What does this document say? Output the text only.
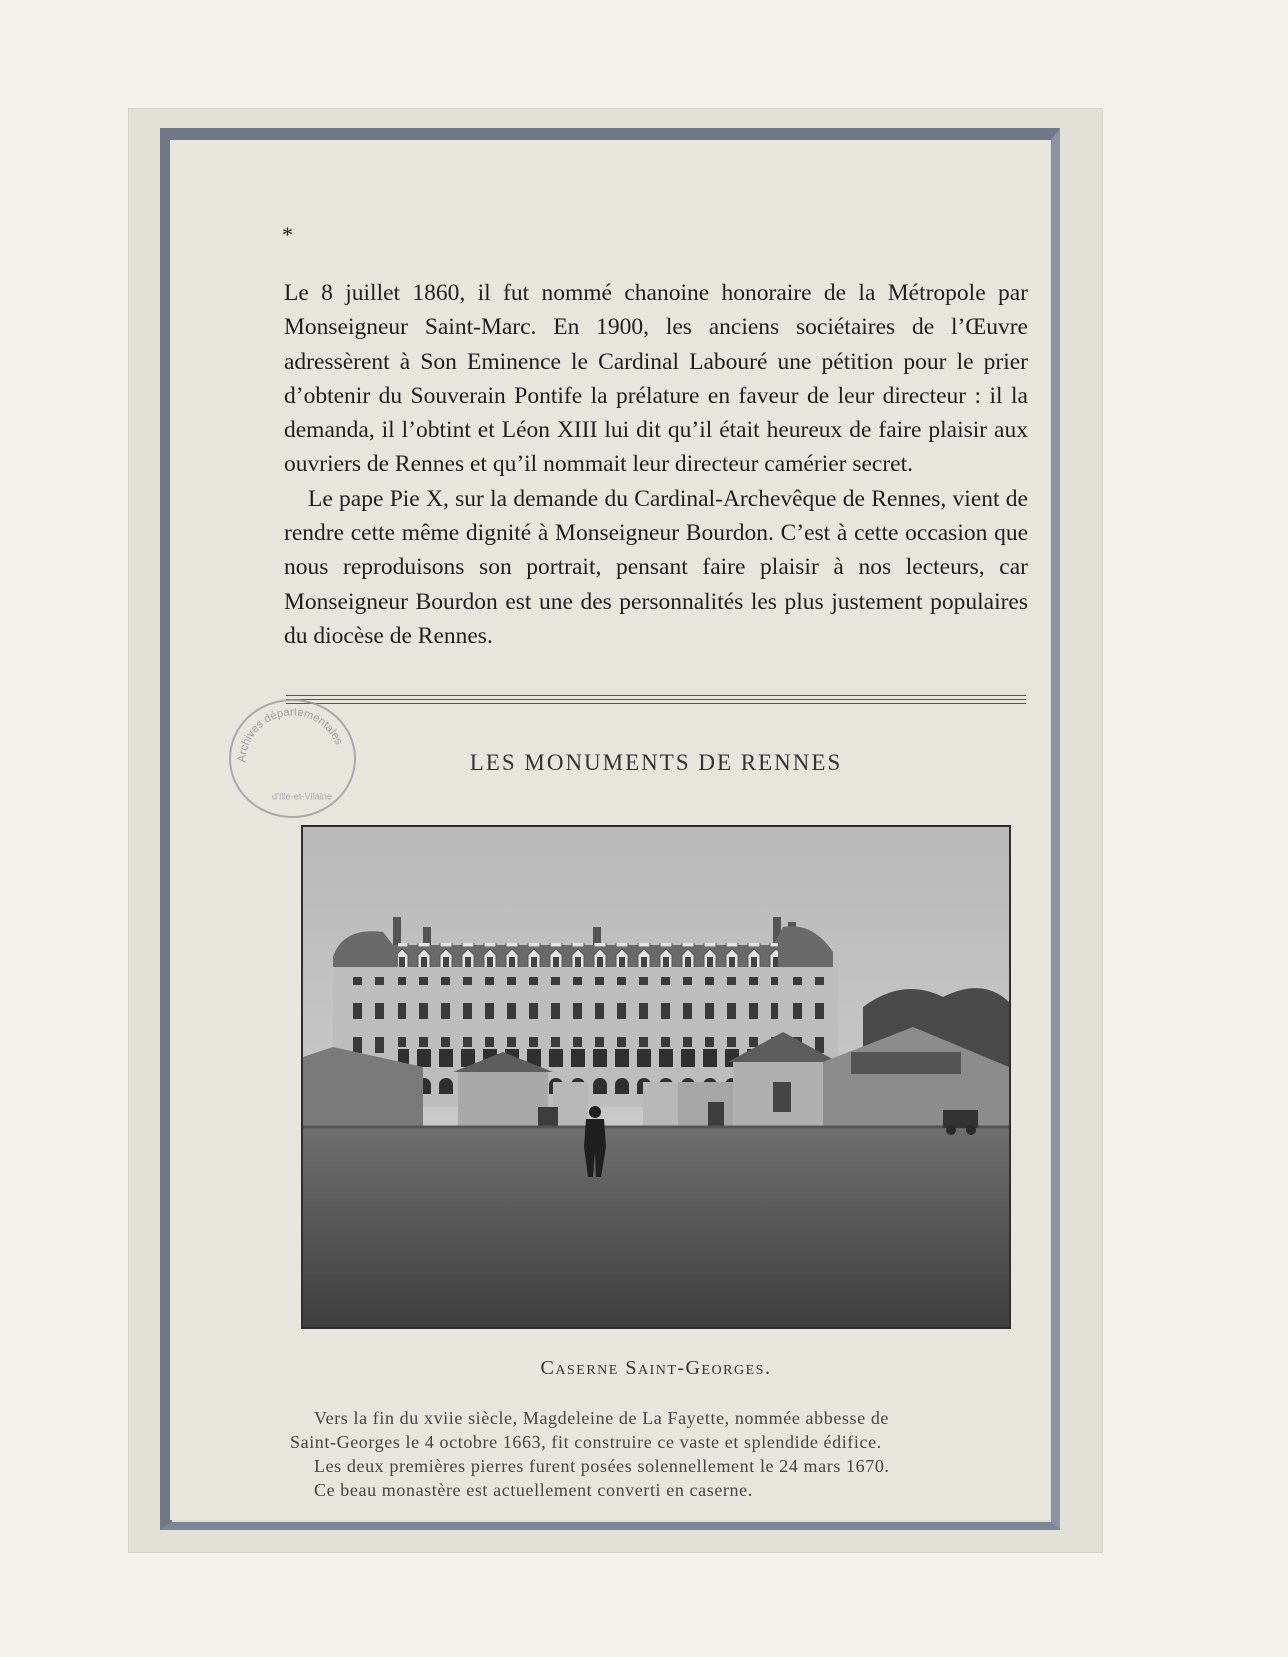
*

Le 8 juillet 1860, il fut nommé chanoine honoraire de la Métropole par Monseigneur Saint-Marc. En 1900, les anciens sociétaires de l’Œuvre adressèrent à Son Eminence le Cardinal Labouré une pétition pour le prier d’obtenir du Souverain Pontife la prélature en faveur de leur directeur : il la demanda, il l’obtint et Léon XIII lui dit qu’il était heureux de faire plaisir aux ouvriers de Rennes et qu’il nommait leur directeur camérier secret.

Le pape Pie X, sur la demande du Cardinal-Archevêque de Rennes, vient de rendre cette même dignité à Monseigneur Bourdon. C’est à cette occasion que nous reproduisons son portrait, pensant faire plaisir à nos lecteurs, car Monseigneur Bourdon est une des personnalités les plus justement populaires du diocèse de Rennes.

Archives départementales
d'Ille-et-Vilaine
LES MONUMENTS DE RENNES
Caserne Saint-Georges.
Vers la fin du xviie siècle, Magdeleine de La Fayette, nommée abbesse de
Saint-Georges le 4 octobre 1663, fit construire ce vaste et splendide édifice.
Les deux premières pierres furent posées solennellement le 24 mars 1670.
Ce beau monastère est actuellement converti en caserne.
